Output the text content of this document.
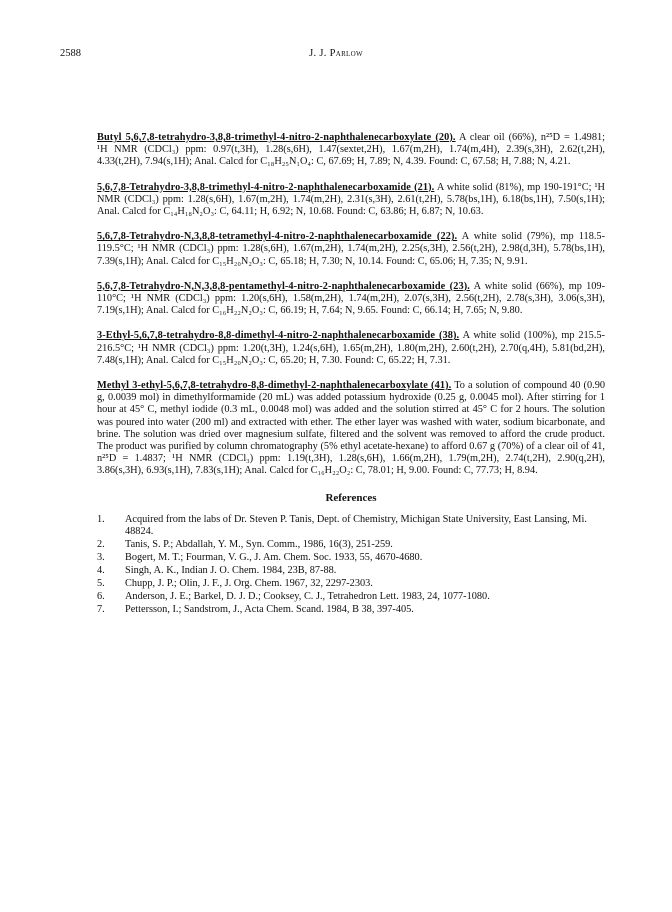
2588	J. J. Parlow

Butyl 5,6,7,8-tetrahydro-3,8,8-trimethyl-4-nitro-2-naphthalenecarboxylate (20). A clear oil (66%), n²⁵D = 1.4981; ¹H NMR (CDCl₃) ppm: 0.97(t,3H), 1.28(s,6H), 1.47(sextet,2H), 1.67(m,2H), 1.74(m,4H), 2.39(s,3H), 2.62(t,2H), 4.33(t,2H), 7.94(s,1H); Anal. Calcd for C₁₈H₂₅N₁O₄: C, 67.69; H, 7.89; N, 4.39. Found: C, 67.58; H, 7.88; N, 4.21.

5,6,7,8-Tetrahydro-3,8,8-trimethyl-4-nitro-2-naphthalenecarboxamide (21). A white solid (81%), mp 190-191°C; ¹H NMR (CDCl₃) ppm: 1.28(s,6H), 1.67(m,2H), 1.74(m,2H), 2.31(s,3H), 2.61(t,2H), 5.78(bs,1H), 6.18(bs,1H), 7.50(s,1H); Anal. Calcd for C₁₄H₁₈N₂O₃: C, 64.11; H, 6.92; N, 10.68. Found: C, 63.86; H, 6.87; N, 10.63.

5,6,7,8-Tetrahydro-N,3,8,8-tetramethyl-4-nitro-2-naphthalenecarboxamide (22). A white solid (79%), mp 118.5-119.5°C; ¹H NMR (CDCl₃) ppm: 1.28(s,6H), 1.67(m,2H), 1.74(m,2H), 2.25(s,3H), 2.56(t,2H), 2.98(d,3H), 5.78(bs,1H), 7.39(s,1H); Anal. Calcd for C₁₅H₂₀N₂O₃: C, 65.18; H, 7.30; N, 10.14. Found: C, 65.06; H, 7.35; N, 9.91.

5,6,7,8-Tetrahydro-N,N,3,8,8-pentamethyl-4-nitro-2-naphthalenecarboxamide (23). A white solid (66%), mp 109-110°C; ¹H NMR (CDCl₃) ppm: 1.20(s,6H), 1.58(m,2H), 1.74(m,2H), 2.07(s,3H), 2.56(t,2H), 2.78(s,3H), 3.06(s,3H), 7.19(s,1H); Anal. Calcd for C₁₆H₂₂N₂O₃: C, 66.19; H, 7.64; N, 9.65. Found: C, 66.14; H, 7.65; N, 9.80.

3-Ethyl-5,6,7,8-tetrahydro-8,8-dimethyl-4-nitro-2-naphthalenecarboxamide (38). A white solid (100%), mp 215.5-216.5°C; ¹H NMR (CDCl₃) ppm: 1.20(t,3H), 1.24(s,6H), 1.65(m,2H), 1.80(m,2H), 2.60(t,2H), 2.70(q,4H), 5.81(bd,2H), 7.48(s,1H); Anal. Calcd for C₁₅H₂₀N₂O₃: C, 65.20; H, 7.30. Found: C, 65.22; H, 7.31.

Methyl 3-ethyl-5,6,7,8-tetrahydro-8,8-dimethyl-2-naphthalenecarboxylate (41). To a solution of compound 40 (0.90 g, 0.0039 mol) in dimethylformamide (20 mL) was added potassium hydroxide (0.25 g, 0.0045 mol). After stirring for 1 hour at 45° C, methyl iodide (0.3 mL, 0.0048 mol) was added and the solution stirred at 45° C for 2 hours. The solution was poured into water (200 ml) and extracted with ether. The ether layer was washed with water, sodium bicarbonate, and brine. The solution was dried over magnesium sulfate, filtered and the solvent was removed to afford the crude product. The product was purified by column chromatography (5% ethyl acetate-hexane) to afford 0.67 g (70%) of a clear oil of 41, n²⁵D = 1.4837; ¹H NMR (CDCl₃) ppm: 1.19(t,3H), 1.28(s,6H), 1.66(m,2H), 1.79(m,2H), 2.74(t,2H), 2.90(q,2H), 3.86(s,3H), 6.93(s,1H), 7.83(s,1H); Anal. Calcd for C₁₆H₂₂O₂: C, 78.01; H, 9.00. Found: C, 77.73; H, 8.94.

References
1.	Acquired from the labs of Dr. Steven P. Tanis, Dept. of Chemistry, Michigan State University, East Lansing, Mi. 48824.
2.	Tanis, S. P.; Abdallah, Y. M., Syn. Comm., 1986, 16(3), 251-259.
3.	Bogert, M. T.; Fourman, V. G., J. Am. Chem. Soc. 1933, 55, 4670-4680.
4.	Singh, A. K., Indian J. O. Chem. 1984, 23B, 87-88.
5.	Chupp, J. P.; Olin, J. F., J. Org. Chem. 1967, 32, 2297-2303.
6.	Anderson, J. E.; Barkel, D. J. D.; Cooksey, C. J., Tetrahedron Lett. 1983, 24, 1077-1080.
7.	Pettersson, I.; Sandstrom, J., Acta Chem. Scand. 1984, B 38, 397-405.
